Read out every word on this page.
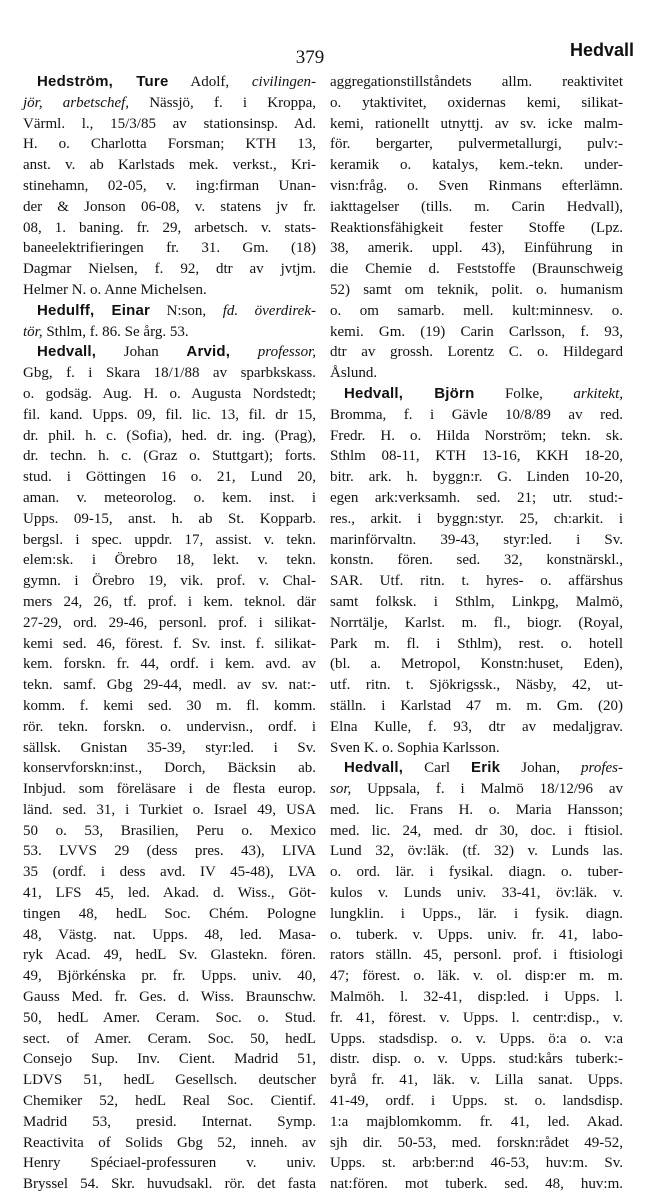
379	Hedvall
Hedström, Ture Adolf, civilingen-
jör, arbetschef, Nässjö, f. i Kroppa,
Värml. l., 15/3/85 av stationsinsp. Ad.
H. o. Charlotta Forsman; KTH 13,
anst. v. ab Karlstads mek. verkst., Kri-
stinehamn, 02-05, v. ing:firman Unan-
der & Jonson 06-08, v. statens jv fr.
08, 1. baning. fr. 29, arbetsch. v. stats-
baneelektrifieringen fr. 31. Gm. (18)
Dagmar Nielsen, f. 92, dtr av jvtjm.
Helmer N. o. Anne Michelsen.
Hedulff, Einar N:son, fd. överdirek-
tör, Sthlm, f. 86. Se årg. 53.
Hedvall, Johan Arvid, professor,
Gbg, f. i Skara 18/1/88 av sparbkskass.
o. godsäg. Aug. H. o. Augusta Nordstedt;
fil. kand. Upps. 09, fil. lic. 13, fil. dr 15,
dr. phil. h. c. (Sofia), hed. dr. ing. (Prag),
dr. techn. h. c. (Graz o. Stuttgart); forts.
stud. i Göttingen 16 o. 21, Lund 20,
aman. v. meteorolog. o. kem. inst. i
Upps. 09-15, anst. h. ab St. Kopparb.
bergsl. i spec. uppdr. 17, assist. v. tekn.
elem:sk. i Örebro 18, lekt. v. tekn.
gymn. i Örebro 19, vik. prof. v. Chal-
mers 24, 26, tf. prof. i kem. teknol. där
27-29, ord. 29-46, personl. prof. i silikat-
kemi sed. 46, förest. f. Sv. inst. f. silikat-
kem. forskn. fr. 44, ordf. i kem. avd. av
tekn. samf. Gbg 29-44, medl. av sv. nat:-
komm. f. kemi sed. 30 m. fl. komm.
rör. tekn. forskn. o. undervisn., ordf. i
sällsk. Gnistan 35-39, styr:led. i Sv.
konservforskn:inst., Dorch, Bäcksin ab.
Inbjud. som föreläsare i de flesta europ.
länd. sed. 31, i Turkiet o. Israel 49, USA
50 o. 53, Brasilien, Peru o. Mexico
53. LVVS 29 (dess pres. 43), LIVA
35 (ordf. i dess avd. IV 45-48), LVA
41, LFS 45, led. Akad. d. Wiss., Göt-
tingen 48, hedL Soc. Chém. Pologne
48, Västg. nat. Upps. 48, led. Masa-
ryk Acad. 49, hedL Sv. Glastekn. fören.
49, Björkénska pr. fr. Upps. univ. 40,
Gauss Med. fr. Ges. d. Wiss. Braunschw.
50, hedL Amer. Ceram. Soc. o. Stud.
sect. of Amer. Ceram. Soc. 50, hedL
Consejo Sup. Inv. Cient. Madrid 51,
LDVS 51, hedL Gesellsch. deutscher
Chemiker 52, hedL Real Soc. Cientif.
Madrid 53, presid. Internat. Symp.
Reactivita of Solids Gbg 52, inneh. av
Henry Spéciael-professuren v. univ.
Bryssel 54. Skr. huvudsakl. rör. det fasta
aggregationstillståndets allm. reaktivitet
o. ytaktivitet, oxidernas kemi, silikat-
kemi, rationellt utnyttj. av sv. icke malm-
för. bergarter, pulvermetallurgi, pulv:-
keramik o. katalys, kem.-tekn. under-
visn:fråg. o. Sven Rinmans efterlämn.
iakttagelser (tills. m. Carin Hedvall),
Reaktionsfähigkeit fester Stoffe (Lpz.
38, amerik. uppl. 43), Einführung in
die Chemie d. Feststoffe (Braunschweig
52) samt om teknik, polit. o. humanism
o. om samarb. mell. kult:minnesv. o.
kemi. Gm. (19) Carin Carlsson, f. 93,
dtr av grossh. Lorentz C. o. Hildegard
Åslund.
Hedvall, Björn Folke, arkitekt,
Bromma, f. i Gävle 10/8/89 av red.
Fredr. H. o. Hilda Norström; tekn. sk.
Sthlm 08-11, KTH 13-16, KKH 18-20,
bitr. ark. h. byggn:r. G. Linden 10-20,
egen ark:verksamh. sed. 21; utr. stud:-
res., arkit. i byggn:styr. 25, ch:arkit. i
marinförvaltn. 39-43, styr:led. i Sv.
konstn. fören. sed. 32, konstnärskl.,
SAR. Utf. ritn. t. hyres- o. affärshus
samt folksk. i Sthlm, Linkpg, Malmö,
Norrtälje, Karlst. m. fl., biogr. (Royal,
Park m. fl. i Sthlm), rest. o. hotell
(bl. a. Metropol, Konstn:huset, Eden),
utf. ritn. t. Sjökrigssk., Näsby, 42, ut-
ställn. i Karlstad 47 m. m. Gm. (20)
Elna Kulle, f. 93, dtr av medaljgrav.
Sven K. o. Sophia Karlsson.
Hedvall, Carl Erik Johan, profes-
sor, Uppsala, f. i Malmö 18/12/96 av
med. lic. Frans H. o. Maria Hansson;
med. lic. 24, med. dr 30, doc. i ftisiol.
Lund 32, öv:läk. (tf. 32) v. Lunds las.
o. ord. lär. i fysikal. diagn. o. tuber-
kulos v. Lunds univ. 33-41, öv:läk. v.
lungklin. i Upps., lär. i fysik. diagn.
o. tuberk. v. Upps. univ. fr. 41, labo-
rators ställn. 45, personl. prof. i ftisiologi
47; förest. o. läk. v. ol. disp:er m. m.
Malmöh. l. 32-41, disp:led. i Upps. l.
fr. 41, förest. v. Upps. l. centr:disp., v.
Upps. stadsdisp. o. v. Upps. ö:a o. v:a
distr. disp. o. v. Upps. stud:kårs tuberk:-
byrå fr. 41, läk. v. Lilla sanat. Upps.
41-49, ordf. i Upps. st. o. landsdisp.
1:a majblomkomm. fr. 41, led. Akad.
sjh dir. 50-53, med. forskn:rådet 49-52,
Upps. st. arb:ber:nd 46-53, huv:m. Sv.
nat:fören. mot tuberk. sed. 48, huv:m.
